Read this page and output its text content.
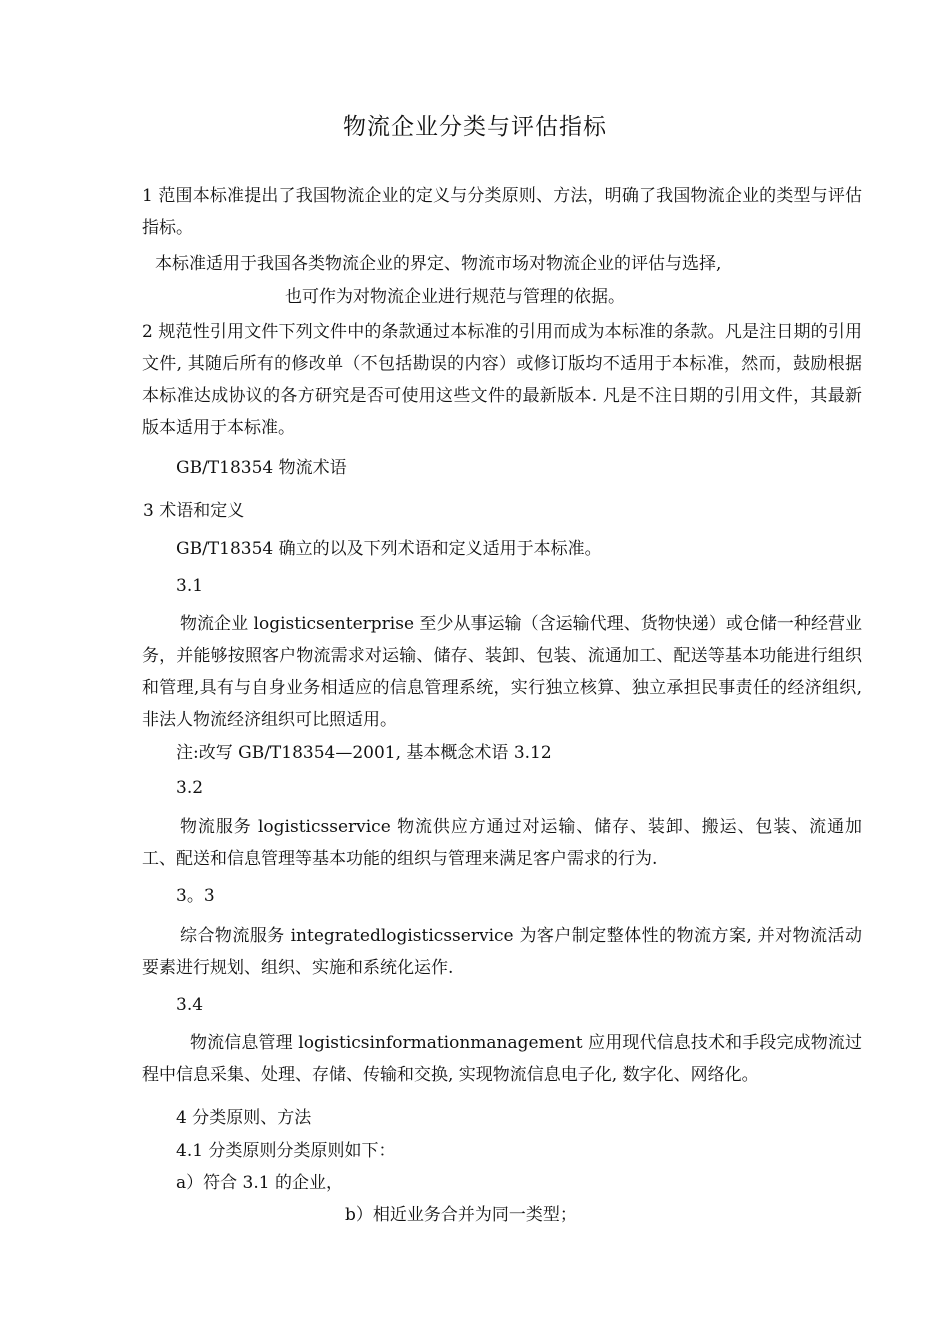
物流企业分类与评估指标
1 范围本标准提出了我国物流企业的定义与分类原则、方法，明确了我国物流企业的类型与评估指标。
本标准适用于我国各类物流企业的界定、物流市场对物流企业的评估与选择,
也可作为对物流企业进行规范与管理的依据。
2 规范性引用文件下列文件中的条款通过本标准的引用而成为本标准的条款。凡是注日期的引用文件, 其随后所有的修改单（不包括勘误的内容）或修订版均不适用于本标准，然而，鼓励根据本标准达成协议的各方研究是否可使用这些文件的最新版本. 凡是不注日期的引用文件，其最新版本适用于本标准。
GB/T18354 物流术语
3 术语和定义
GB/T18354 确立的以及下列术语和定义适用于本标准。
3.1
物流企业 logisticsenterprise 至少从事运输（含运输代理、货物快递）或仓储一种经营业务，并能够按照客户物流需求对运输、储存、装卸、包装、流通加工、配送等基本功能进行组织和管理,具有与自身业务相适应的信息管理系统，实行独立核算、独立承担民事责任的经济组织,非法人物流经济组织可比照适用。
注:改写 GB/T18354—2001, 基本概念术语 3.12
3.2
物流服务 logisticsservice 物流供应方通过对运输、储存、装卸、搬运、包装、流通加工、配送和信息管理等基本功能的组织与管理来满足客户需求的行为.
3。3
综合物流服务 integratedlogisticsservice 为客户制定整体性的物流方案, 并对物流活动要素进行规划、组织、实施和系统化运作.
3.4
物流信息管理 logisticsinformationmanagement 应用现代信息技术和手段完成物流过程中信息采集、处理、存储、传输和交换, 实现物流信息电子化, 数字化、网络化。
4 分类原则、方法
4.1 分类原则分类原则如下：
a）符合 3.1 的企业，
b）相近业务合并为同一类型；
